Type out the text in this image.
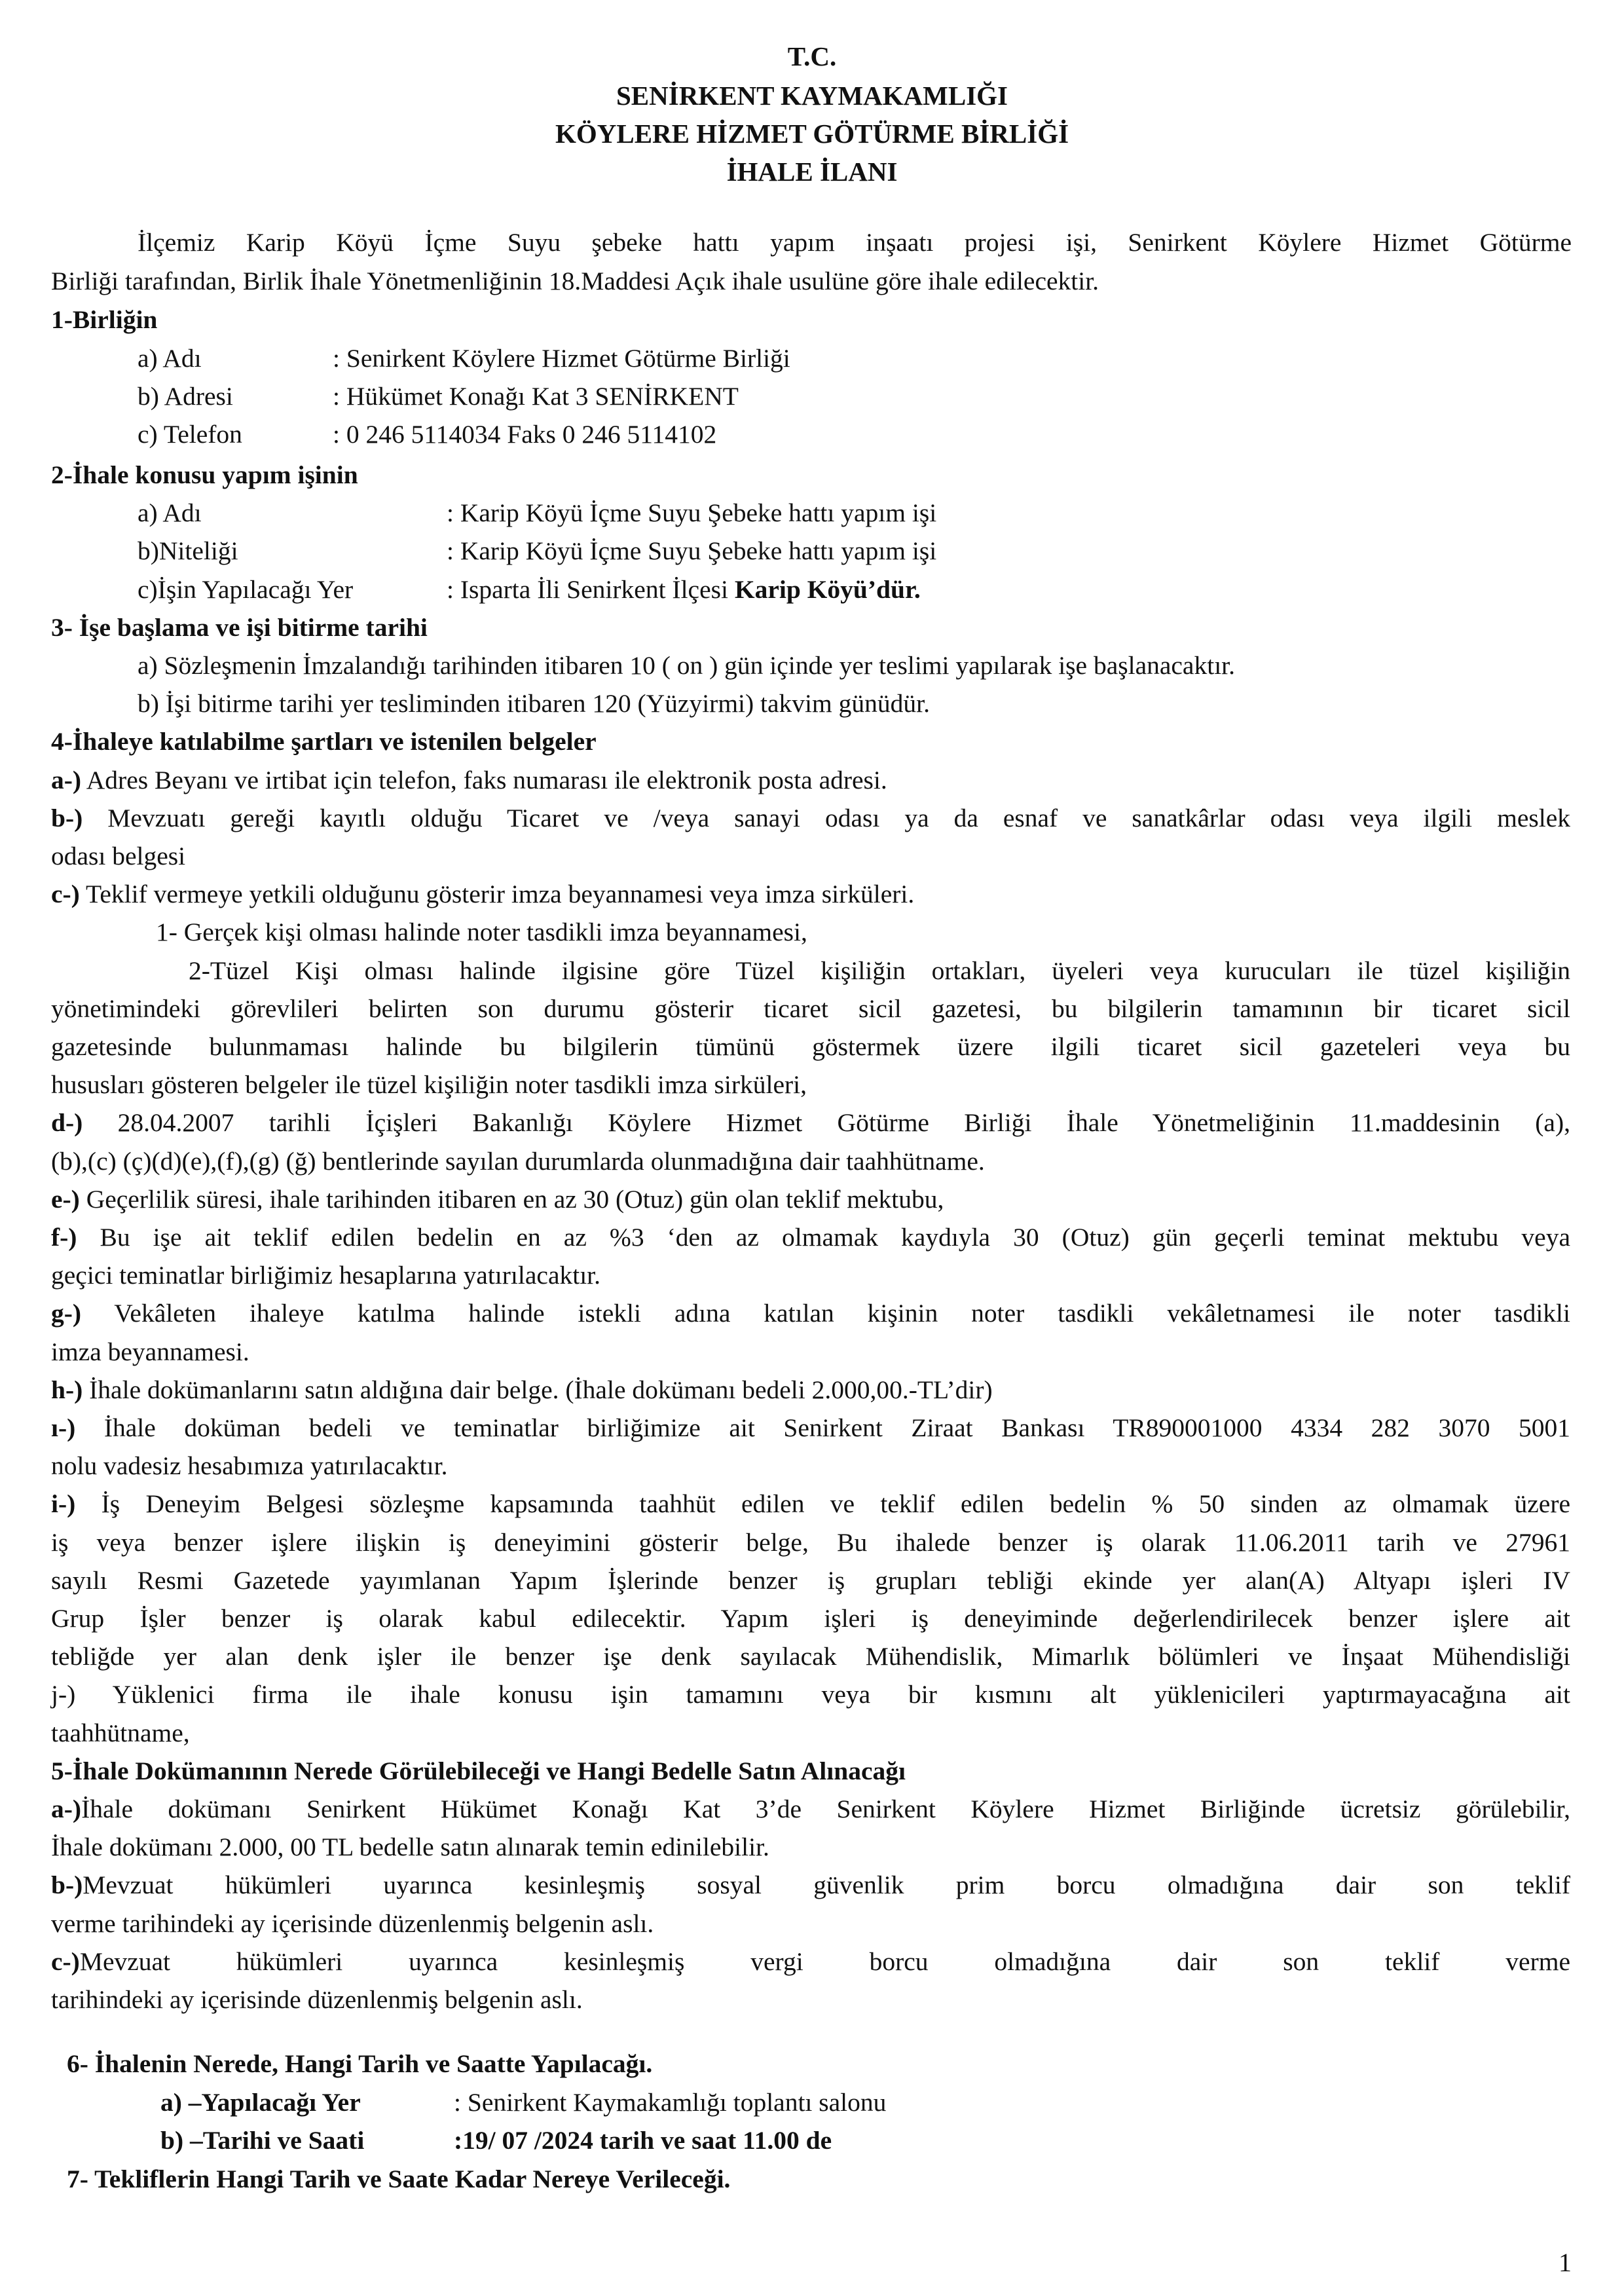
T.C.
SENİRKENT KAYMAKAMLIĞI
KÖYLERE HİZMET GÖTÜRME BİRLİĞİ
İHALE İLANI
İlçemiz Karip Köyü İçme Suyu şebeke hattı yapım inşaatı projesi işi, Senirkent Köylere Hizmet Götürme
Birliği tarafından, Birlik İhale Yönetmenliğinin 18.Maddesi Açık ihale usulüne göre ihale edilecektir.
1-Birliğin
a) Adı	: Senirkent Köylere Hizmet Götürme Birliği
b) Adresi	: Hükümet Konağı Kat 3 SENİRKENT
c) Telefon	: 0 246 5114034 Faks 0 246 5114102
2-İhale konusu yapım işinin
a) Adı	: Karip Köyü İçme Suyu Şebeke hattı yapım işi
b)Niteliği	: Karip Köyü İçme Suyu Şebeke hattı yapım işi
c)İşin Yapılacağı Yer	: Isparta İli Senirkent İlçesi Karip Köyü’dür.
3- İşe başlama ve işi bitirme tarihi
a) Sözleşmenin İmzalandığı tarihinden itibaren 10 ( on ) gün içinde yer teslimi yapılarak işe başlanacaktır.
b) İşi bitirme tarihi yer tesliminden itibaren 120 (Yüzyirmi) takvim günüdür.
4-İhaleye katılabilme şartları ve istenilen belgeler
a-) Adres Beyanı ve irtibat için telefon, faks numarası ile elektronik posta adresi.
b-) Mevzuatı gereği kayıtlı olduğu Ticaret ve /veya sanayi odası ya da esnaf ve sanatkârlar odası veya ilgili meslek
odası belgesi
c-) Teklif vermeye yetkili olduğunu gösterir imza beyannamesi veya imza sirküleri.
1- Gerçek kişi olması halinde noter tasdikli imza beyannamesi,
2-Tüzel Kişi olması halinde ilgisine göre Tüzel kişiliğin ortakları, üyeleri veya kurucuları ile tüzel kişiliğin
yönetimindeki görevlileri belirten son durumu gösterir ticaret sicil gazetesi, bu bilgilerin tamamının bir ticaret sicil
gazetesinde bulunmaması halinde bu bilgilerin tümünü göstermek üzere ilgili ticaret sicil gazeteleri veya bu
hususları gösteren belgeler ile tüzel kişiliğin noter tasdikli imza sirküleri,
d-) 28.04.2007 tarihli İçişleri Bakanlığı Köylere Hizmet Götürme Birliği İhale Yönetmeliğinin 11.maddesinin (a),
(b),(c) (ç)(d)(e),(f),(g) (ğ) bentlerinde sayılan durumlarda olunmadığına dair taahhütname.
e-) Geçerlilik süresi, ihale tarihinden itibaren en az 30 (Otuz) gün olan teklif mektubu,
f-) Bu işe ait teklif edilen bedelin en az %3 ‘den az olmamak kaydıyla 30 (Otuz) gün geçerli teminat mektubu veya
geçici teminatlar birliğimiz hesaplarına yatırılacaktır.
g-) Vekâleten ihaleye katılma halinde istekli adına katılan kişinin noter tasdikli vekâletnamesi ile noter tasdikli
imza beyannamesi.
h-) İhale dokümanlarını satın aldığına dair belge. (İhale dokümanı bedeli 2.000,00.-TL’dir)
ı-) İhale doküman bedeli ve teminatlar birliğimize ait Senirkent Ziraat Bankası TR890001000 4334 282 3070 5001
nolu vadesiz hesabımıza yatırılacaktır.
i-) İş Deneyim Belgesi sözleşme kapsamında taahhüt edilen ve teklif edilen bedelin % 50 sinden az olmamak üzere
iş veya benzer işlere ilişkin iş deneyimini gösterir belge, Bu ihalede benzer iş olarak 11.06.2011 tarih ve 27961
sayılı Resmi Gazetede yayımlanan Yapım İşlerinde benzer iş grupları tebliği ekinde yer alan(A) Altyapı işleri IV
Grup İşler benzer iş olarak kabul edilecektir. Yapım işleri iş deneyiminde değerlendirilecek benzer işlere ait
tebliğde yer alan denk işler ile benzer işe denk sayılacak Mühendislik, Mimarlık bölümleri ve İnşaat Mühendisliği
j-) Yüklenici firma ile ihale konusu işin tamamını veya bir kısmını alt yüklenicileri yaptırmayacağına ait
taahhütname,
5-İhale Dokümanının Nerede Görülebileceği ve Hangi Bedelle Satın Alınacağı
a-)İhale dokümanı Senirkent Hükümet Konağı Kat 3’de Senirkent Köylere Hizmet Birliğinde ücretsiz görülebilir,
İhale dokümanı 2.000, 00 TL bedelle satın alınarak temin edinilebilir.
b-)Mevzuat hükümleri uyarınca kesinleşmiş sosyal güvenlik prim borcu olmadığına dair son teklif
verme tarihindeki ay içerisinde düzenlenmiş belgenin aslı.
c-)Mevzuat hükümleri uyarınca kesinleşmiş vergi borcu olmadığına dair son teklif verme
tarihindeki ay içerisinde düzenlenmiş belgenin aslı.
6- İhalenin Nerede, Hangi Tarih ve Saatte Yapılacağı.
a) –Yapılacağı Yer	: Senirkent Kaymakamlığı toplantı salonu
b) –Tarihi ve Saati	:19/ 07 /2024 tarih ve saat 11.00 de
7- Tekliflerin Hangi Tarih ve Saate Kadar Nereye Verileceği.
1
